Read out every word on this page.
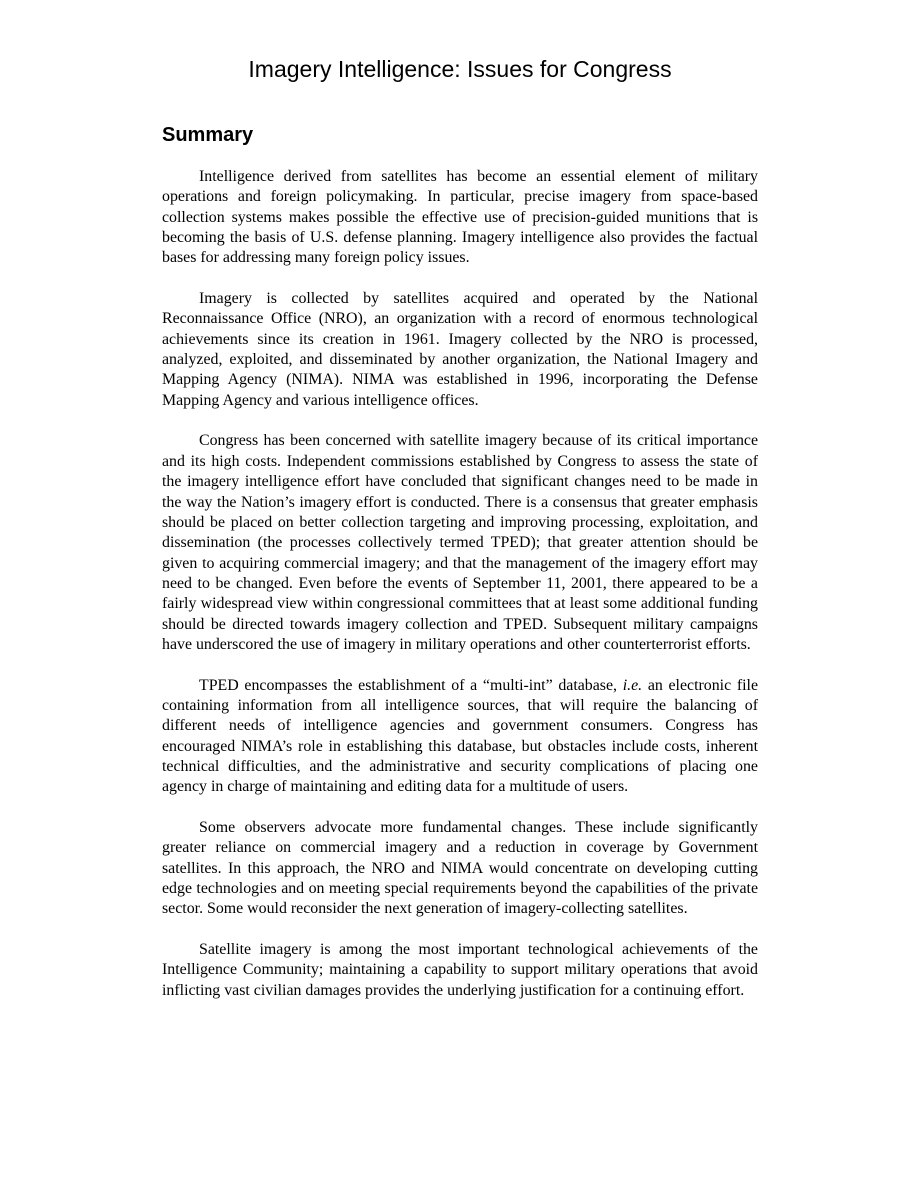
Imagery Intelligence: Issues for Congress
Summary

Intelligence derived from satellites has become an essential element of military operations and foreign policymaking. In particular, precise imagery from space-based collection systems makes possible the effective use of precision-guided munitions that is becoming the basis of U.S. defense planning. Imagery intelligence also provides the factual bases for addressing many foreign policy issues.

Imagery is collected by satellites acquired and operated by the National Reconnaissance Office (NRO), an organization with a record of enormous technological achievements since its creation in 1961. Imagery collected by the NRO is processed, analyzed, exploited, and disseminated by another organization, the National Imagery and Mapping Agency (NIMA). NIMA was established in 1996, incorporating the Defense Mapping Agency and various intelligence offices.

Congress has been concerned with satellite imagery because of its critical importance and its high costs. Independent commissions established by Congress to assess the state of the imagery intelligence effort have concluded that significant changes need to be made in the way the Nation’s imagery effort is conducted. There is a consensus that greater emphasis should be placed on better collection targeting and improving processing, exploitation, and dissemination (the processes collectively termed TPED); that greater attention should be given to acquiring commercial imagery; and that the management of the imagery effort may need to be changed. Even before the events of September 11, 2001, there appeared to be a fairly widespread view within congressional committees that at least some additional funding should be directed towards imagery collection and TPED. Subsequent military campaigns have underscored the use of imagery in military operations and other counterterrorist efforts.

TPED encompasses the establishment of a “multi-int” database, i.e. an electronic file containing information from all intelligence sources, that will require the balancing of different needs of intelligence agencies and government consumers. Congress has encouraged NIMA’s role in establishing this database, but obstacles include costs, inherent technical difficulties, and the administrative and security complications of placing one agency in charge of maintaining and editing data for a multitude of users.

Some observers advocate more fundamental changes. These include significantly greater reliance on commercial imagery and a reduction in coverage by Government satellites. In this approach, the NRO and NIMA would concentrate on developing cutting edge technologies and on meeting special requirements beyond the capabilities of the private sector. Some would reconsider the next generation of imagery-collecting satellites.

Satellite imagery is among the most important technological achievements of the Intelligence Community; maintaining a capability to support military operations that avoid inflicting vast civilian damages provides the underlying justification for a continuing effort.
